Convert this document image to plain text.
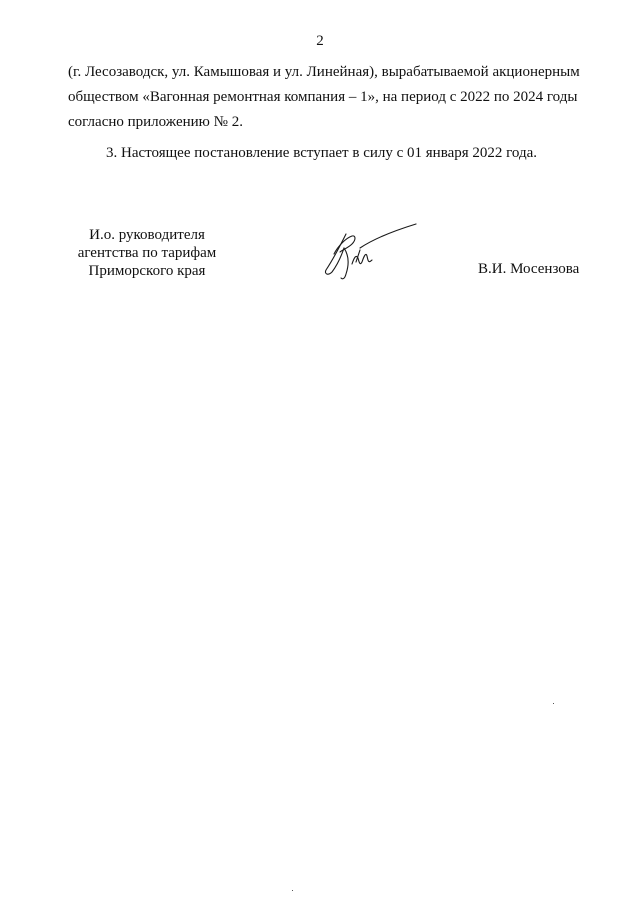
2

(г. Лесозаводск, ул. Камышовая и ул. Линейная), вырабатываемой акционерным
обществом «Вагонная ремонтная компания – 1», на период с 2022 по 2024 годы
согласно приложению № 2.

3. Настоящее постановление вступает в силу с 01 января 2022 года.

И.о. руководителя
агентства по тарифам
Приморского края	В.И. Мосензова
